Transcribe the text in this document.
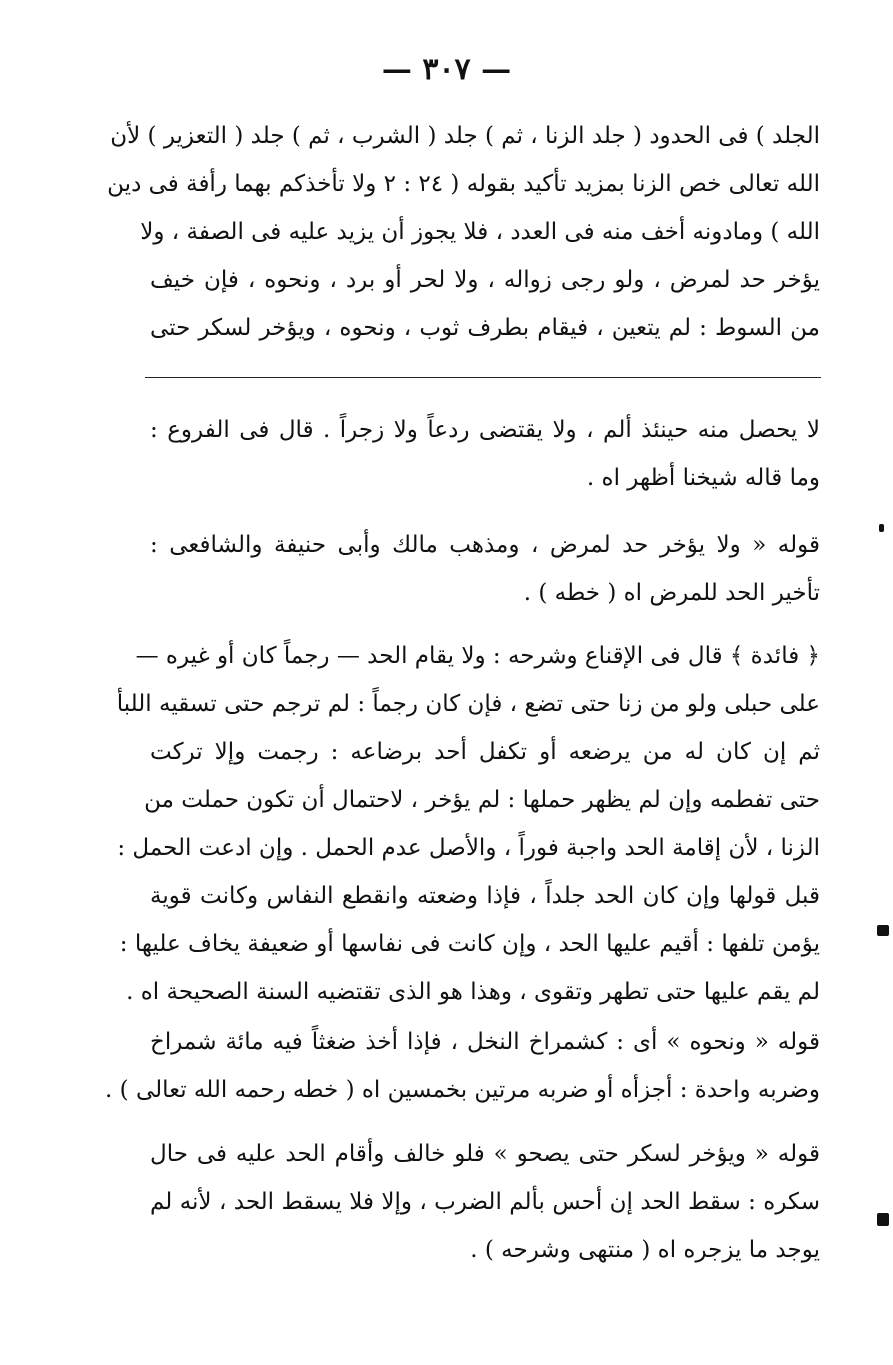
— ٣٠٧ —
الجلد ) فى الحدود ( جلد الزنا ، ثم ) جلد ( الشرب ، ثم ) جلد ( التعزير ) لأن
الله تعالى خص الزنا بمزيد تأكيد بقوله ( ٢٤ : ٢ ولا تأخذكم بهما رأفة فى دين
الله ) ومادونه أخف منه فى العدد ، فلا يجوز أن يزيد عليه فى الصفة ، ولا
يؤخر حد لمرض ، ولو رجى زواله ، ولا لحر أو برد ، ونحوه ، فإن خيف
من السوط : لم يتعين ، فيقام بطرف ثوب ، ونحوه ، ويؤخر لسكر حتى
لا يحصل منه حينئذ ألم ، ولا يقتضى ردعاً ولا زجراً . قال فى الفروع :
وما قاله شيخنا أظهر اه .
قوله « ولا يؤخر حد لمرض ، ومذهب مالك وأبى حنيفة والشافعى :
تأخير الحد للمرض اه ( خطه ) .
﴿ فائدة ﴾ قال فى الإقناع وشرحه : ولا يقام الحد — رجماً كان أو غيره —
على حبلى ولو من زنا حتى تضع ، فإن كان رجماً : لم ترجم حتى تسقيه اللبأ
ثم إن كان له من يرضعه أو تكفل أحد برضاعه : رجمت وإلا تركت
حتى تفطمه وإن لم يظهر حملها : لم يؤخر ، لاحتمال أن تكون حملت من
الزنا ، لأن إقامة الحد واجبة فوراً ، والأصل عدم الحمل . وإن ادعت الحمل :
قبل قولها وإن كان الحد جلداً ، فإذا وضعته وانقطع النفاس وكانت قوية
يؤمن تلفها : أقيم عليها الحد ، وإن كانت فى نفاسها أو ضعيفة يخاف عليها :
لم يقم عليها حتى تطهر وتقوى ، وهذا هو الذى تقتضيه السنة الصحيحة اه .
قوله « ونحوه » أى : كشمراخ النخل ، فإذا أخذ ضغثاً فيه مائة شمراخ
وضربه واحدة : أجزأه أو ضربه مرتين بخمسين اه ( خطه رحمه الله تعالى ) .
قوله « ويؤخر لسكر حتى يصحو » فلو خالف وأقام الحد عليه فى حال
سكره : سقط الحد إن أحس بألم الضرب ، وإلا فلا يسقط الحد ، لأنه لم
يوجد ما يزجره اه ( منتهى وشرحه ) .
